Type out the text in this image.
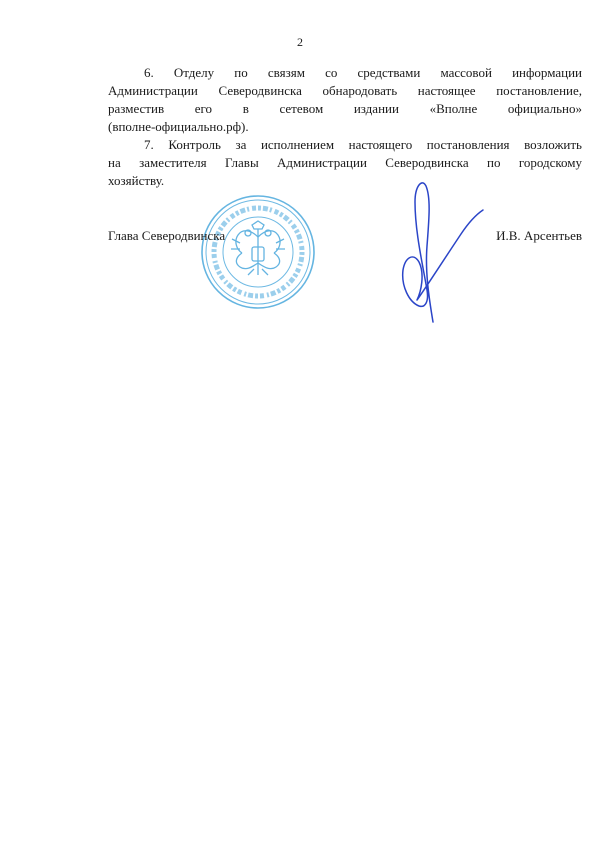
2

6. Отделу по связям со средствами массовой информации
Администрации Северодвинска обнародовать настоящее постановление,
разместив его в сетевом издании «Вполне официально»
(вполне-официально.рф).

7. Контроль за исполнением настоящего постановления возложить
на заместителя Главы Администрации Северодвинска по городскому
хозяйству.

Глава Северодвинска	И.В. Арсентьев
